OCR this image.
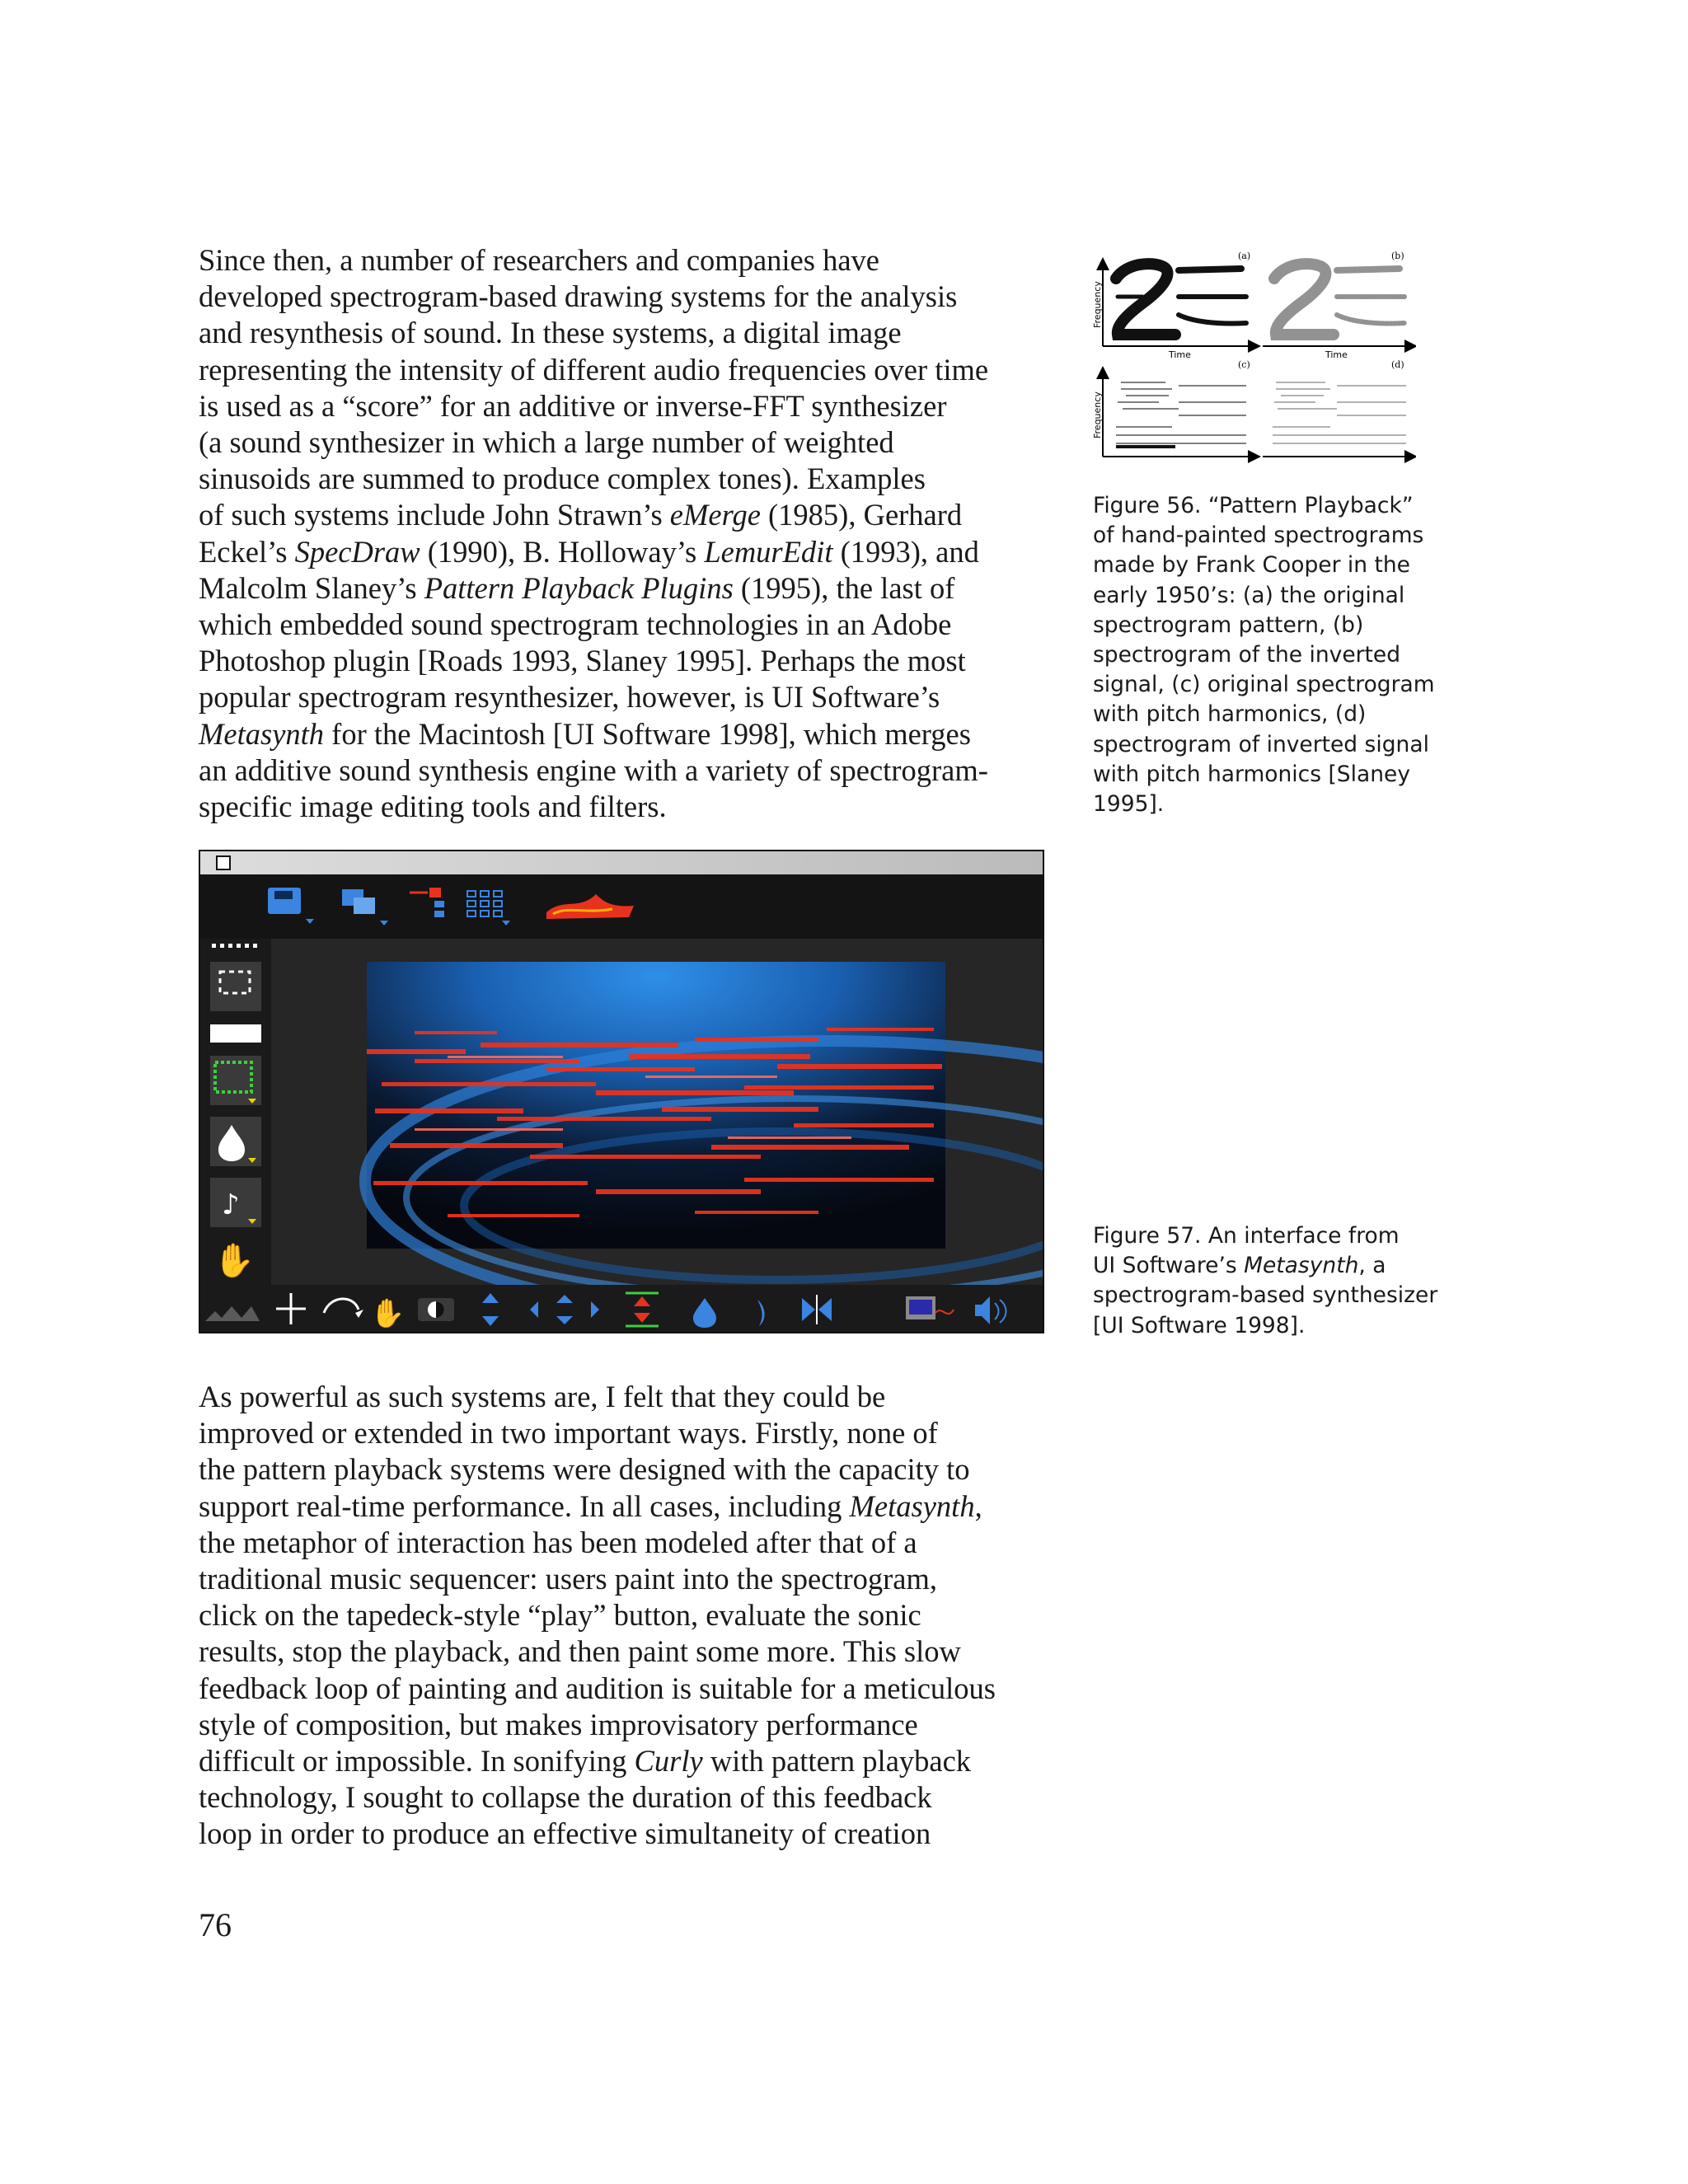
Since then, a number of researchers and companies have
developed spectrogram-based drawing systems for the analysis
and resynthesis of sound. In these systems, a digital image
representing the intensity of different audio frequencies over time
is used as a “score” for an additive or inverse-FFT synthesizer
(a sound synthesizer in which a large number of weighted
sinusoids are summed to produce complex tones). Examples
of such systems include John Strawn’s eMerge (1985), Gerhard
Eckel’s SpecDraw (1990), B. Holloway’s LemurEdit (1993), and
Malcolm Slaney’s Pattern Playback Plugins (1995), the last of
which embedded sound spectrogram technologies in an Adobe
Photoshop plugin [Roads 1993, Slaney 1995]. Perhaps the most
popular spectrogram resynthesizer, however, is UI Software’s
Metasynth for the Macintosh [UI Software 1998], which merges
an additive sound synthesis engine with a variety of spectrogram-
specific image editing tools and filters.

Frequency
Frequency
Time	Time
(a)	(b)
(c)	(d)
Figure 56. “Pattern Playback”
of hand-painted spectrograms
made by Frank Cooper in the
early 1950’s: (a) the original
spectrogram pattern, (b)
spectrogram of the inverted
signal, (c) original spectrogram
with pitch harmonics, (d)
spectrogram of inverted signal
with pitch harmonics [Slaney
1995].
♪
✋
✋
Figure 57. An interface from
UI Software’s Metasynth, a
spectrogram-based synthesizer
[UI Software 1998].

As powerful as such systems are, I felt that they could be
improved or extended in two important ways. Firstly, none of
the pattern playback systems were designed with the capacity to
support real-time performance. In all cases, including Metasynth,
the metaphor of interaction has been modeled after that of a
traditional music sequencer: users paint into the spectrogram,
click on the tapedeck-style “play” button, evaluate the sonic
results, stop the playback, and then paint some more. This slow
feedback loop of painting and audition is suitable for a meticulous
style of composition, but makes improvisatory performance
difficult or impossible. In sonifying Curly with pattern playback
technology, I sought to collapse the duration of this feedback
loop in order to produce an effective simultaneity of creation

76
